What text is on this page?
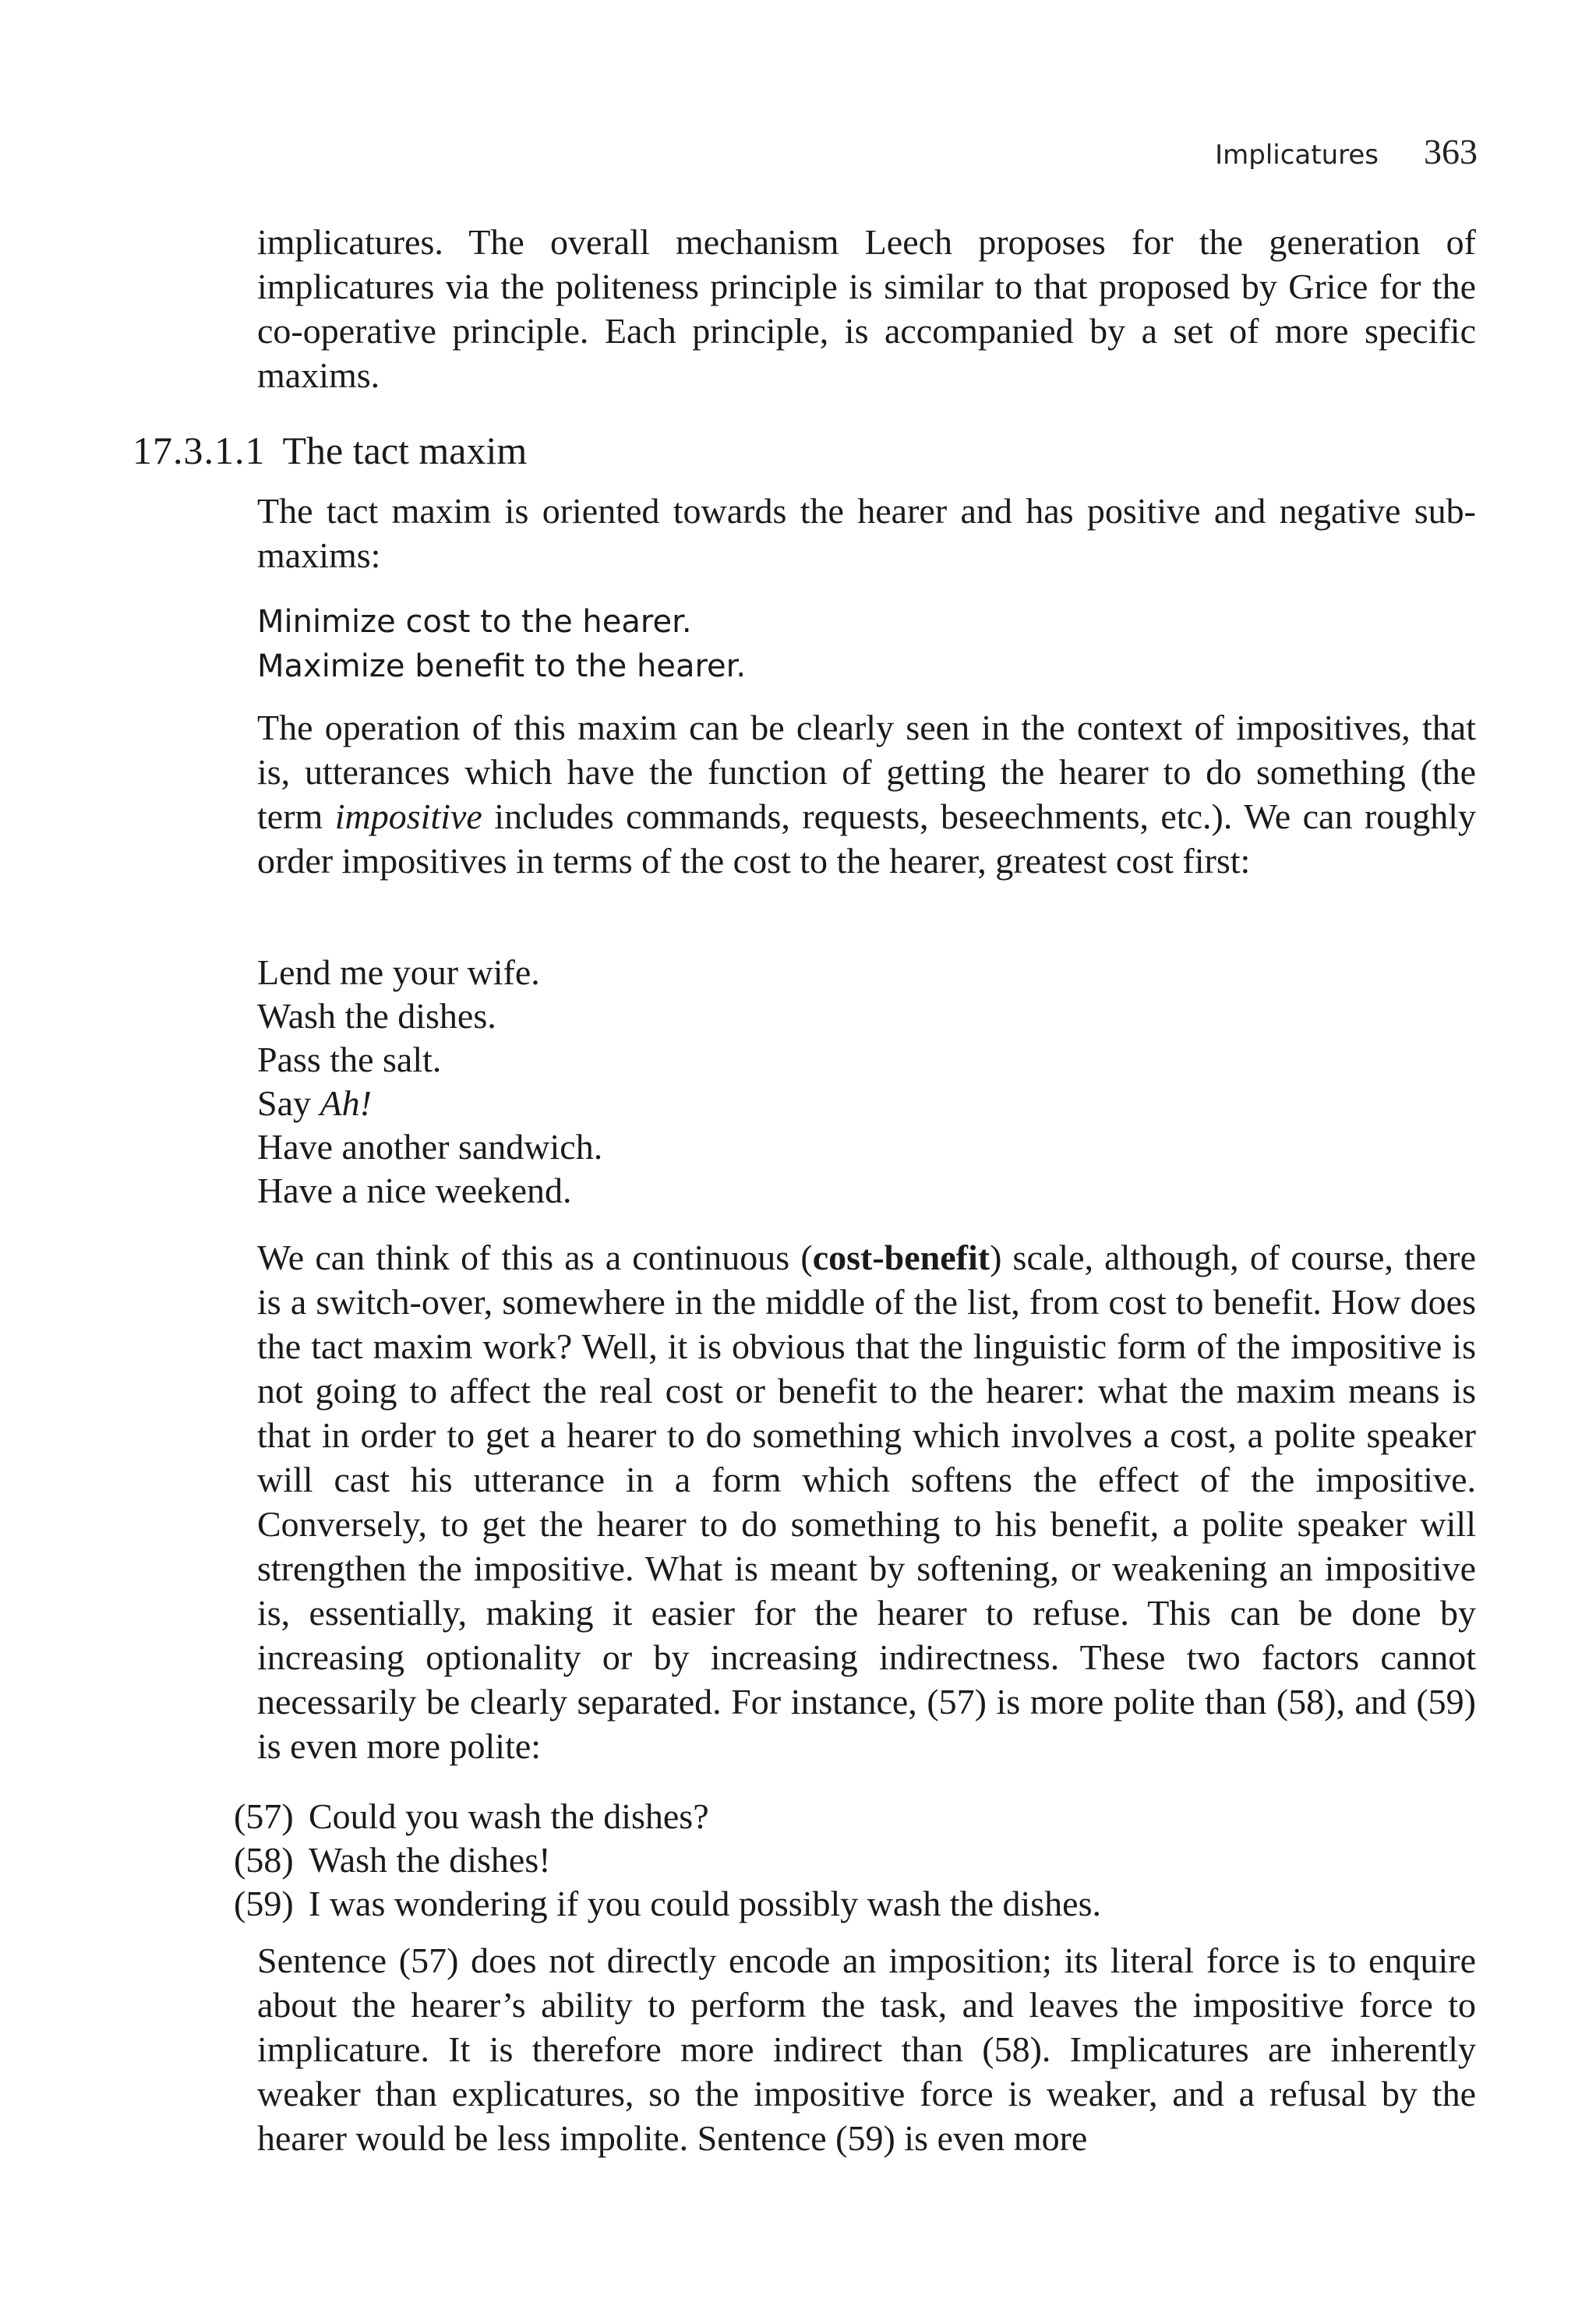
Implicatures 363

implicatures. The overall mechanism Leech proposes for the generation of implicatures via the politeness principle is similar to that proposed by Grice for the co-operative principle. Each principle, is accompanied by a set of more specific maxims.

17.3.1.1 The tact maxim

The tact maxim is oriented towards the hearer and has positive and negative sub-maxims:

Minimize cost to the hearer.
Maximize benefit to the hearer.

The operation of this maxim can be clearly seen in the context of impositives, that is, utterances which have the function of getting the hearer to do something (the term impositive includes commands, requests, beseechments, etc.). We can roughly order impositives in terms of the cost to the hearer, greatest cost first:

Lend me your wife.
Wash the dishes.
Pass the salt.
Say Ah!
Have another sandwich.
Have a nice weekend.

We can think of this as a continuous (cost-benefit) scale, although, of course, there is a switch-over, somewhere in the middle of the list, from cost to benefit. How does the tact maxim work? Well, it is obvious that the linguistic form of the impositive is not going to affect the real cost or benefit to the hearer: what the maxim means is that in order to get a hearer to do something which involves a cost, a polite speaker will cast his utterance in a form which softens the effect of the impositive. Conversely, to get the hearer to do something to his benefit, a polite speaker will strengthen the impositive. What is meant by softening, or weakening an impositive is, essentially, making it easier for the hearer to refuse. This can be done by increasing optionality or by increasing indirectness. These two factors cannot necessarily be clearly separated. For instance, (57) is more polite than (58), and (59) is even more polite:

(57) Could you wash the dishes?
(58) Wash the dishes!
(59) I was wondering if you could possibly wash the dishes.

Sentence (57) does not directly encode an imposition; its literal force is to enquire about the hearer’s ability to perform the task, and leaves the impositive force to implicature. It is therefore more indirect than (58). Implicatures are inherently weaker than explicatures, so the impositive force is weaker, and a refusal by the hearer would be less impolite. Sentence (59) is even more
